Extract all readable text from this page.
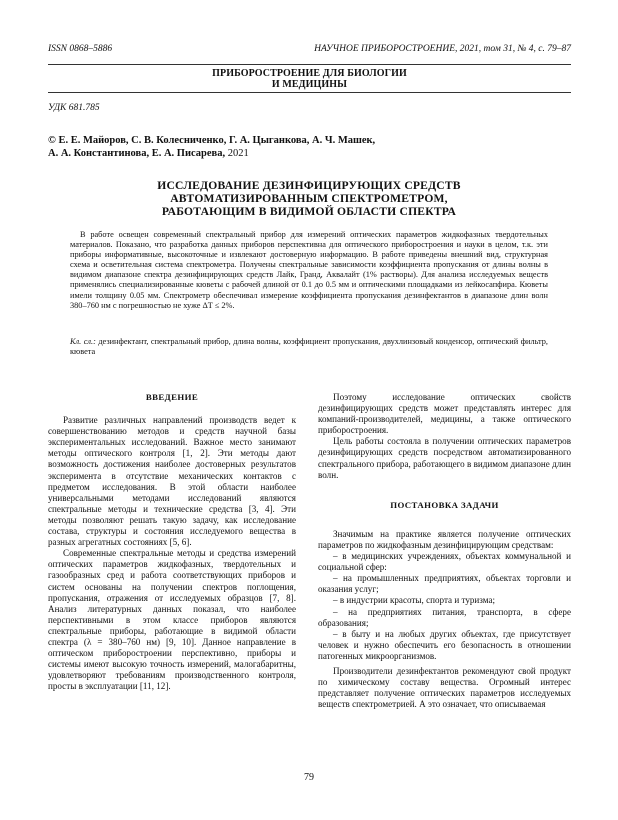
ISSN 0868–5886	НАУЧНОЕ ПРИБОРОСТРОЕНИЕ, 2021, том 31, № 4, с. 79–87
ПРИБОРОСТРОЕНИЕ ДЛЯ БИОЛОГИИ
И МЕДИЦИНЫ
УДК 681.785
© Е. Е. Майоров, С. В. Колесниченко, Г. А. Цыганкова, А. Ч. Машек,
А. А. Константинова, Е. А. Писарева, 2021
ИССЛЕДОВАНИЕ ДЕЗИНФИЦИРУЮЩИХ СРЕДСТВ
АВТОМАТИЗИРОВАННЫМ СПЕКТРОМЕТРОМ,
РАБОТАЮЩИМ В ВИДИМОЙ ОБЛАСТИ СПЕКТРА
В работе освещен современный спектральный прибор для измерений оптических параметров жидкофазных твердотельных материалов. Показано, что разработка данных приборов перспективна для оптического приборостроения и науки в целом, т.к. эти приборы информативные, высокоточные и извлекают достоверную информацию. В работе приведены внешний вид, структурная схема и осветительная система спектрометра. Получены спектральные зависимости коэффициента пропускания от длины волны в видимом диапазоне спектра дезинфицирующих средств Лайк, Гранд, Аквалайт (1% растворы). Для анализа исследуемых веществ применялись специализированные кюветы с рабочей длиной от 0.1 до 0.5 мм и оптическими площадками из лейкосапфира. Кюветы имели толщину 0.05 мм. Спектрометр обеспечивал измерение коэффициента пропускания дезинфектантов в диапазоне длин волн 380–760 нм с погрешностью не хуже ΔT ≤ 2%.
Кл. сл.: дезинфектант, спектральный прибор, длина волны, коэффициент пропускания, двухлинзовый конденсор, оптический фильтр, кювета
ВВЕДЕНИЕ

Развитие различных направлений производств ведет к совершенствованию методов и средств научной базы экспериментальных исследований. Важное место занимают методы оптического контроля [1, 2]. Эти методы дают возможность достижения наиболее достоверных результатов эксперимента в отсутствие механических контактов с предметом исследования. В этой области наиболее универсальными методами исследований являются спектральные методы и технические средства [3, 4]. Эти методы позволяют решать такую задачу, как исследование состава, структуры и состояния исследуемого вещества в разных агрегатных состояниях [5, 6].

Современные спектральные методы и средства измерений оптических параметров жидкофазных, твердотельных и газообразных сред и работа соответствующих приборов и систем основаны на получении спектров поглощения, пропускания, отражения от исследуемых образцов [7, 8]. Анализ литературных данных показал, что наиболее перспективными в этом классе приборов являются спектральные приборы, работающие в видимой области спектра (λ = 380–760 нм) [9, 10]. Данное направление в оптическом приборостроении перспективно, приборы и системы имеют высокую точность измерений, малогабаритны, удовлетворяют требованиям производственного контроля, просты в эксплуатации [11, 12].

Поэтому исследование оптических свойств дезинфицирующих средств может представлять интерес для компаний-производителей, медицины, а также оптического приборостроения.

Цель работы состояла в получении оптических параметров дезинфицирующих средств посредством автоматизированного спектрального прибора, работающего в видимом диапазоне длин волн.

ПОСТАНОВКА ЗАДАЧИ

Значимым на практике является получение оптических параметров по жидкофазным дезинфицирующим средствам:

– в медицинских учреждениях, объектах коммунальной и социальной сфер:

– на промышленных предприятиях, объектах торговли и оказания услуг;

– в индустрии красоты, спорта и туризма;

– на предприятиях питания, транспорта, в сфере образования;

– в быту и на любых других объектах, где присутствует человек и нужно обеспечить его безопасность в отношении патогенных микроорганизмов.

Производители дезинфектантов рекомендуют свой продукт по химическому составу вещества. Огромный интерес представляет получение оптических параметров исследуемых веществ спектрометрией. А это означает, что описываемая

79
